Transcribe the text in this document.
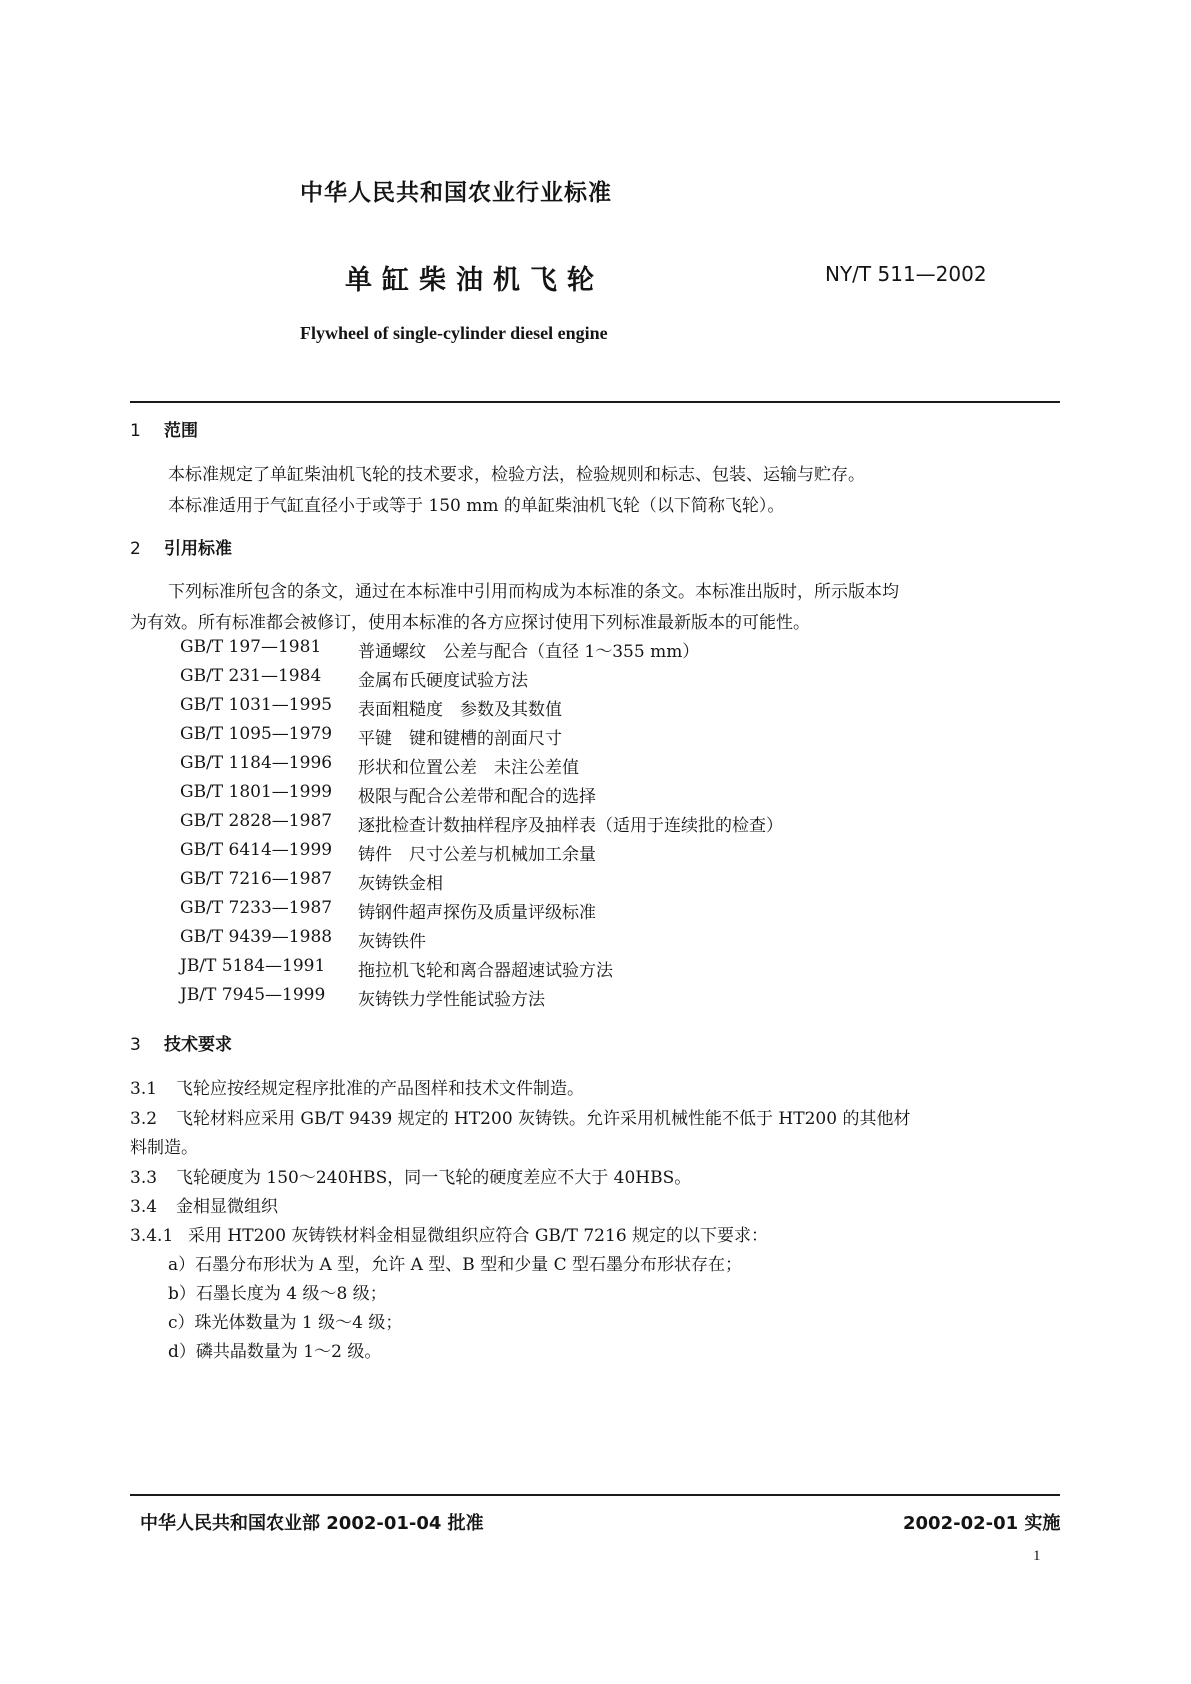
中华人民共和国农业行业标准
单缸柴油机飞轮	NY/T 511—2002
Flywheel of single-cylinder diesel engine
1 范围
本标准规定了单缸柴油机飞轮的技术要求，检验方法，检验规则和标志、包装、运输与贮存。
本标准适用于气缸直径小于或等于 150 mm 的单缸柴油机飞轮（以下简称飞轮）。
2 引用标准
下列标准所包含的条文，通过在本标准中引用而构成为本标准的条文。本标准出版时，所示版本均
为有效。所有标准都会被修订，使用本标准的各方应探讨使用下列标准最新版本的可能性。
GB/T 197—1981 普通螺纹　公差与配合（直径 1～355 mm）
GB/T 231—1984 金属布氏硬度试验方法
GB/T 1031—1995 表面粗糙度　参数及其数值
GB/T 1095—1979 平键　键和键槽的剖面尺寸
GB/T 1184—1996 形状和位置公差　未注公差值
GB/T 1801—1999 极限与配合公差带和配合的选择
GB/T 2828—1987 逐批检查计数抽样程序及抽样表（适用于连续批的检查）
GB/T 6414—1999 铸件　尺寸公差与机械加工余量
GB/T 7216—1987 灰铸铁金相
GB/T 7233—1987 铸钢件超声探伤及质量评级标准
GB/T 9439—1988 灰铸铁件
JB/T 5184—1991 拖拉机飞轮和离合器超速试验方法
JB/T 7945—1999 灰铸铁力学性能试验方法
3 技术要求
3.1 飞轮应按经规定程序批准的产品图样和技术文件制造。
3.2 飞轮材料应采用 GB/T 9439 规定的 HT200 灰铸铁。允许采用机械性能不低于 HT200 的其他材
料制造。
3.3 飞轮硬度为 150～240HBS，同一飞轮的硬度差应不大于 40HBS。
3.4 金相显微组织
3.4.1 采用 HT200 灰铸铁材料金相显微组织应符合 GB/T 7216 规定的以下要求：
a）石墨分布形状为 A 型，允许 A 型、B 型和少量 C 型石墨分布形状存在；
b）石墨长度为 4 级～8 级；
c）珠光体数量为 1 级～4 级；
d）磷共晶数量为 1～2 级。
中华人民共和国农业部 2002-01-04 批准	2002-02-01 实施
1
